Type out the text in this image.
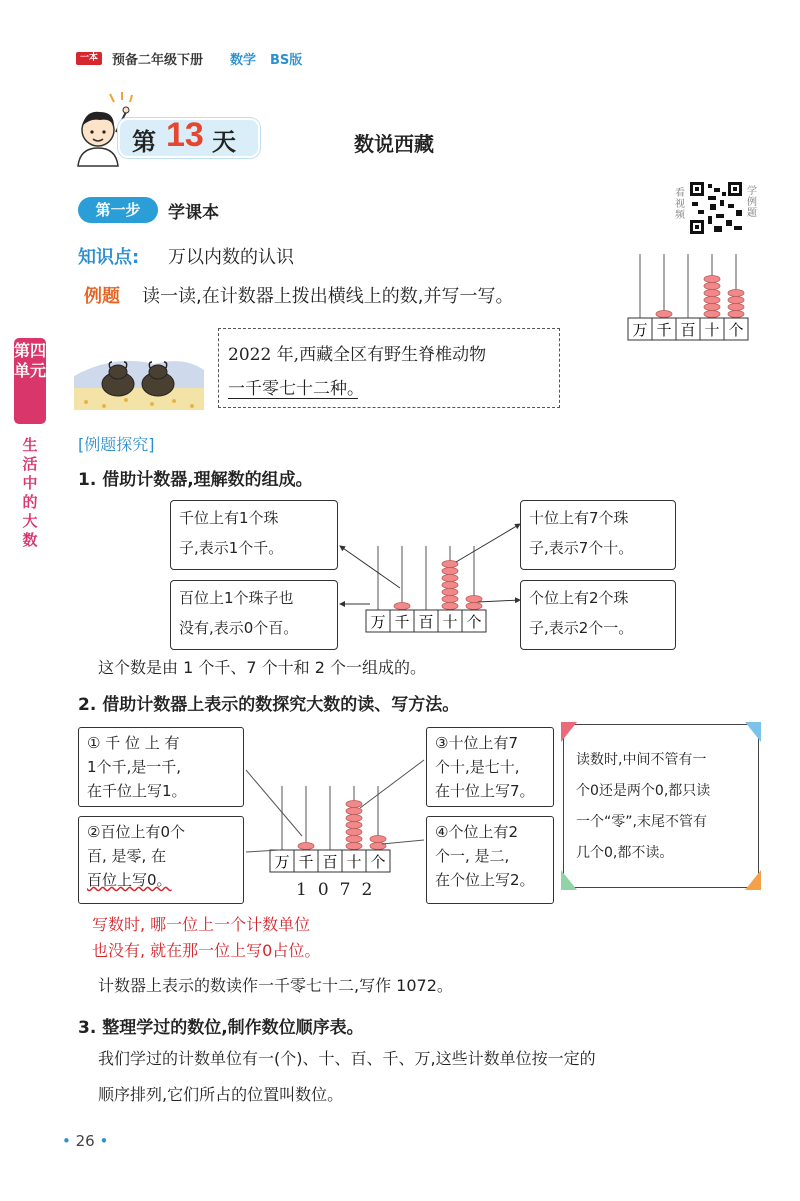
一本	预备二年级下册 数学 BS版
第 13 天	数说西藏
第一步	学课本
看视频
学例题
知识点: 万以内数的认识
例题 读一读,在计数器上拨出横线上的数,并写一写。
第四单元
生活中的大数
2022 年,西藏全区有野生脊椎动物
一千零七十二种。
万 千 百 十 个
[例题探究]
1. 借助计数器,理解数的组成。
千位上有1个珠
子,表示1个千。
十位上有7个珠
子,表示7个十。
百位上1个珠子也
没有,表示0个百。
个位上有2个珠
子,表示2个一。
万 千 百 十 个
这个数是由 1 个千、7 个十和 2 个一组成的。
2. 借助计数器上表示的数探究大数的读、写方法。
① 千 位 上 有
1个千,是一千,
在千位上写1。
②百位上有0个
百, 是零, 在
百位上写0。
③十位上有7
个十,是七十,
在十位上写7。
④个位上有2
个一, 是二,
在个位上写2。
万 千 百 十 个
读数时,中间不管有一
个0还是两个0,都只读
一个“零”,末尾不管有
几个0,都不读。
1072
写数时, 哪一位上一个计数单位
也没有, 就在那一位上写0占位。
计数器上表示的数读作一千零七十二,写作 1072。
3. 整理学过的数位,制作数位顺序表。
我们学过的计数单位有一(个)、十、百、千、万,这些计数单位按一定的
顺序排列,它们所占的位置叫数位。
• 26 •
